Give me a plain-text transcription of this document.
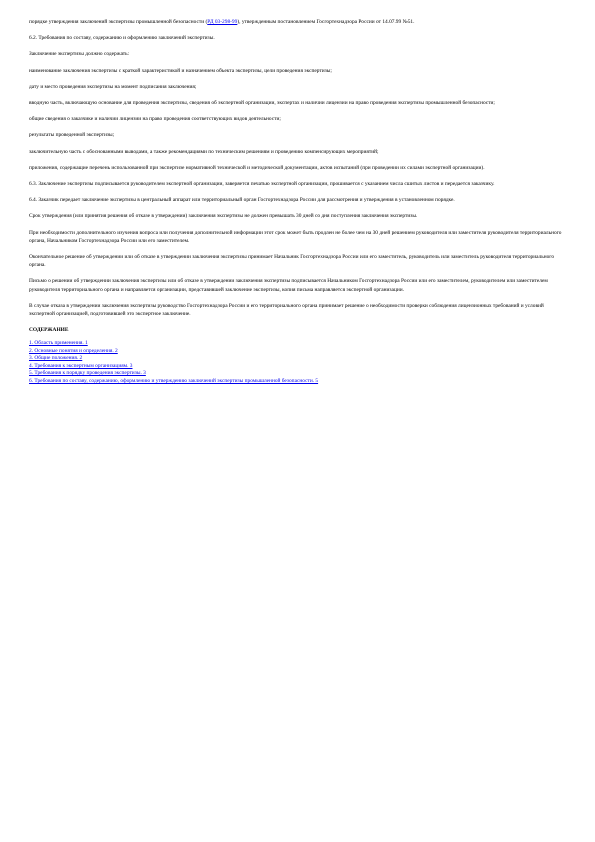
порядке утверждения заключений экспертизы промышленной безопасности (РД 03-298-99), утвержденным постановлением Госгортехнадзора России от 14.07.99 №51.

6.2. Требования по составу, содержанию и оформлению заключений экспертизы.

Заключение экспертизы должно содержать:

наименование заключения экспертизы с краткой характеристикой и назначением объекта экспертизы, цели проведения экспертизы;

дату и место проведения экспертизы на момент подписания заключения;

вводную часть, включающую основание для проведения экспертизы, сведения об экспертной организации, экспертах и наличии лицензии на право проведения экспертизы промышленной безопасности;

общие сведения о заказчике и наличии лицензии на право проведения соответствующих видов деятельности;

результаты проведенной экспертизы;

заключительную часть с обоснованными выводами, а также рекомендациями по техническим решениям и проведению компенсирующих мероприятий;

приложения, содержащие перечень использованной при экспертизе нормативной технической и методической документации, актов испытаний (при проведении их силами экспертной организации).

6.3. Заключение экспертизы подписывается руководителем экспертной организации, заверяется печатью экспертной организации, прошивается с указанием числа сшитых листов и передается заказчику.

6.4. Заказчик передает заключение экспертизы в центральный аппарат или территориальный орган Госгортехнадзора России для рассмотрения и утверждения в установленном порядке.

Срок утверждения (или принятия решения об отказе в утверждении) заключения экспертизы не должен превышать 30 дней со дня поступления заключения экспертизы.

При необходимости дополнительного изучения вопроса или получения дополнительной информации этот срок может быть продлен не более чем на 30 дней решением руководителя или заместителя руководителя территориального органа, Начальником Госгортехнадзора России или его заместителем.

Окончательное решение об утверждении или об отказе в утверждении заключения экспертизы принимает Начальник Госгортехнадзора России или его заместитель, руководитель или заместитель руководителя территориального органа.

Письмо о решении об утверждении заключения экспертизы или об отказе в утверждении заключения экспертизы подписывается Начальником Госгортехнадзора России или его заместителем, руководителем или заместителем руководителя территориального органа и направляется организации, представившей заключение экспертизы, копия письма направляется экспертной организации.

В случае отказа в утверждении заключения экспертизы руководство Госгортехнадзора России и его территориального органа принимает решение о необходимости проверки соблюдения лицензионных требований и условий экспертной организацией, подготовившей это экспертное заключение.

СОДЕРЖАНИЕ

1. Область применения. 1
2. Основные понятия и определения. 2
3. Общие положения. 2
4. Требования к экспертным организациям. 3
5. Требования к порядку проведения экспертизы. 3
6. Требования по составу, содержанию, оформлению и утверждению заключений экспертизы промышленной безопасности. 5
